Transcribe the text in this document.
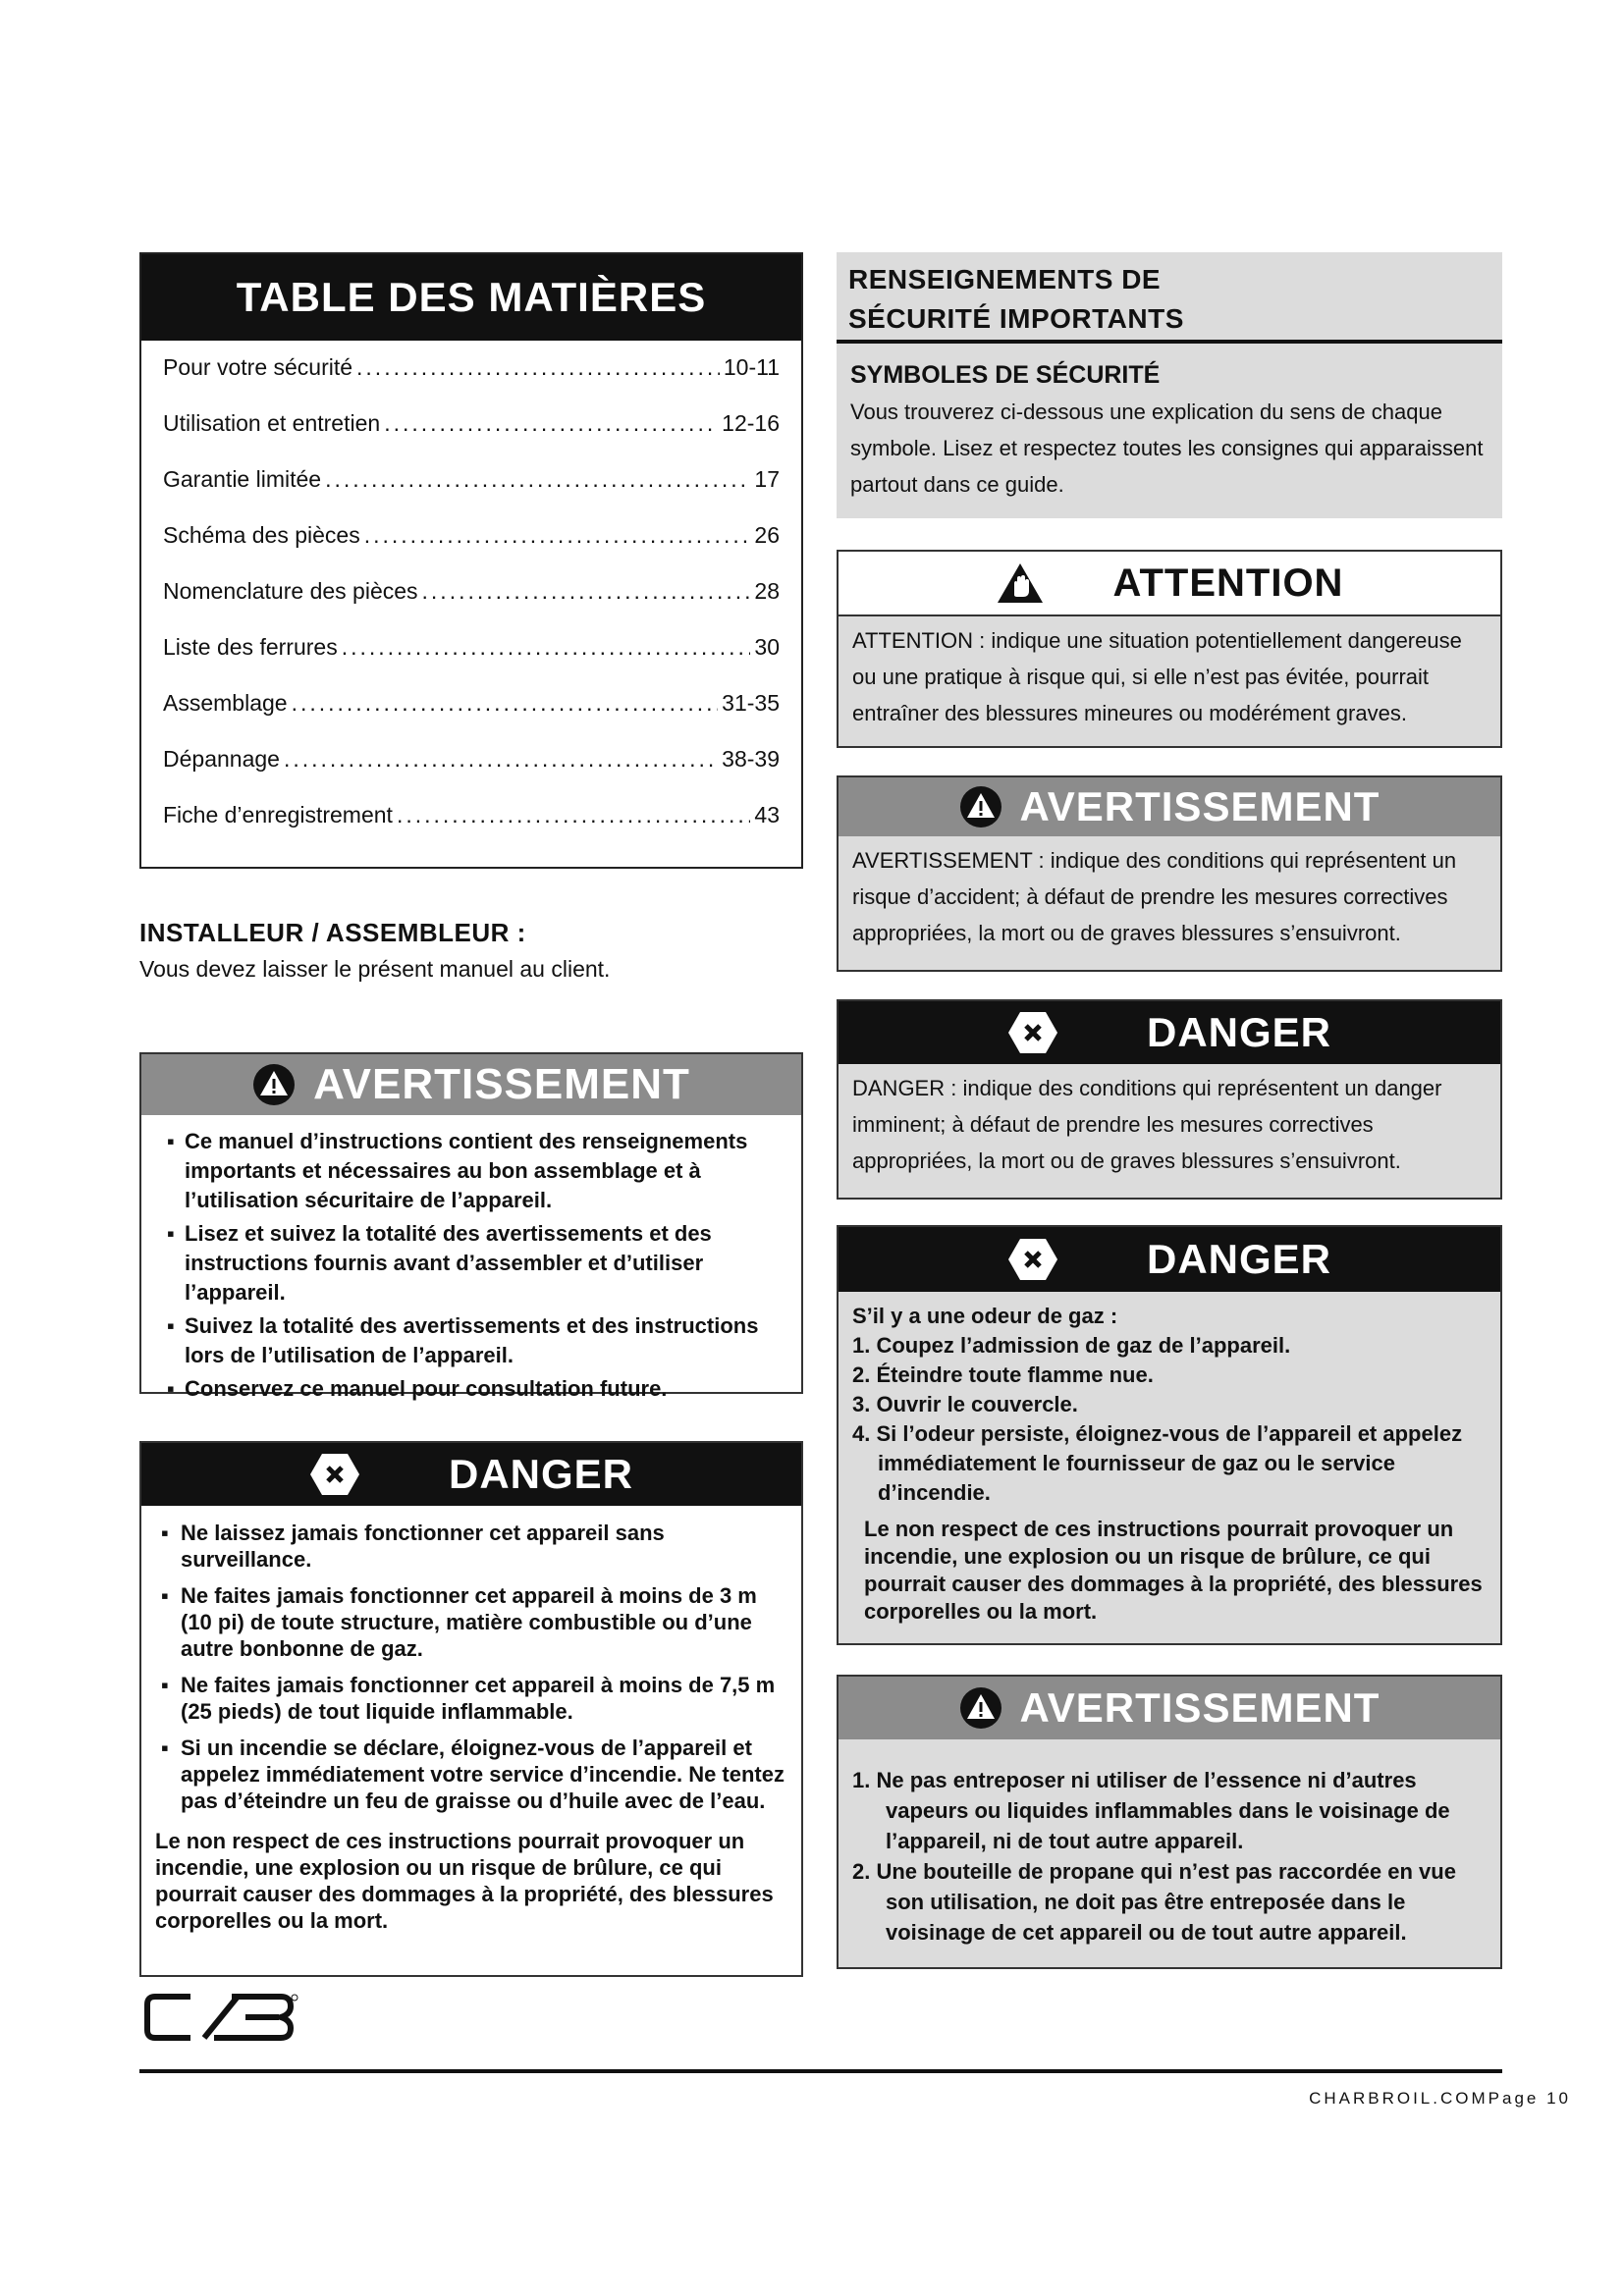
TABLE DES MATIÈRES
Pour votre sécurité .....	10-11
Utilisation et entretien .....	12-16
Garantie limitée .....	17
Schéma des pièces .....	26
Nomenclature des pièces .....	28
Liste des ferrures .....	30
Assemblage .....	31-35
Dépannage .....	38-39
Fiche d’enregistrement .....	43
INSTALLEUR / ASSEMBLEUR :
Vous devez laisser le présent manuel au client.
AVERTISSEMENT
▪ Ce manuel d’instructions contient des renseignements importants et nécessaires au bon assemblage et à l’utilisation sécuritaire de l’appareil.
▪ Lisez et suivez la totalité des avertissements et des instructions fournis avant d’assembler et d’utiliser l’appareil.
▪ Suivez la totalité des avertissements et des instructions lors de l’utilisation de l’appareil.
▪ Conservez ce manuel pour consultation future.
DANGER
▪ Ne laissez jamais fonctionner cet appareil sans surveillance.
▪ Ne faites jamais fonctionner cet appareil à moins de 3 m (10 pi) de toute structure, matière combustible ou d’une autre bonbonne de gaz.
▪ Ne faites jamais fonctionner cet appareil à moins de 7,5 m (25 pieds) de tout liquide inflammable.
▪ Si un incendie se déclare, éloignez-vous de l’appareil et appelez immédiatement votre service d’incendie. Ne tentez pas d’éteindre un feu de graisse ou d’huile avec de l’eau.
Le non respect de ces instructions pourrait provoquer un incendie, une explosion ou un risque de brûlure, ce qui pourrait causer des dommages à la propriété, des blessures corporelles ou la mort.
RENSEIGNEMENTS DE
SÉCURITÉ IMPORTANTS
SYMBOLES DE SÉCURITÉ
Vous trouverez ci-dessous une explication du sens de chaque symbole. Lisez et respectez toutes les consignes qui apparaissent partout dans ce guide.
ATTENTION
ATTENTION : indique une situation potentiellement dangereuse ou une pratique à risque qui, si elle n’est pas évitée, pourrait entraîner des blessures mineures ou modérément graves.
AVERTISSEMENT
AVERTISSEMENT : indique des conditions qui représentent un risque d’accident; à défaut de prendre les mesures correctives appropriées, la mort ou de graves blessures s’ensuivront.
DANGER
DANGER : indique des conditions qui représentent un danger imminent; à défaut de prendre les mesures correctives appropriées, la mort ou de graves blessures s’ensuivront.
DANGER
S’il y a une odeur de gaz :
1. Coupez l’admission de gaz de l’appareil.
2. Éteindre toute flamme nue.
3. Ouvrir le couvercle.
4. Si l’odeur persiste, éloignez-vous de l’appareil et appelez immédiatement le fournisseur de gaz ou le service d’incendie.
Le non respect de ces instructions pourrait provoquer un incendie, une explosion ou un risque de brûlure, ce qui pourrait causer des dommages à la propriété, des blessures corporelles ou la mort.
AVERTISSEMENT
1. Ne pas entreposer ni utiliser de l’essence ni d’autres vapeurs ou liquides inflammables dans le voisinage de l’appareil, ni de tout autre appareil.
2. Une bouteille de propane qui n’est pas raccordée en vue son utilisation, ne doit pas être entreposée dans le voisinage de cet appareil ou de tout autre appareil.
CHARBROIL.COMPage 10
